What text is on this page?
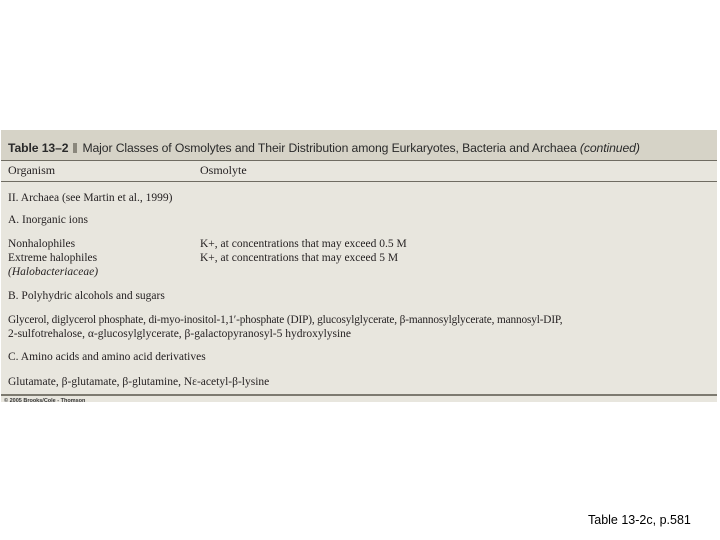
Table 13–2 Major Classes of Osmolytes and Their Distribution among Eurkaryotes, Bacteria and Archaea (continued)
Organism	Osmolyte
II. Archaea (see Martin et al., 1999)
A. Inorganic ions
Nonhalophiles	K+, at concentrations that may exceed 0.5 M
Extreme halophiles	K+, at concentrations that may exceed 5 M
(Halobacteriaceae)
B. Polyhydric alcohols and sugars
Glycerol, diglycerol phosphate, di-myo-inositol-1,1′-phosphate (DIP), glucosylglycerate, β-mannosylglycerate, mannosyl-DIP,
2-sulfotrehalose, α-glucosylglycerate, β-galactopyranosyl-5 hydroxylysine
C. Amino acids and amino acid derivatives
Glutamate, β-glutamate, β-glutamine, Nε-acetyl-β-lysine
© 2005 Brooks/Cole - Thomson
Table 13-2c, p.581
